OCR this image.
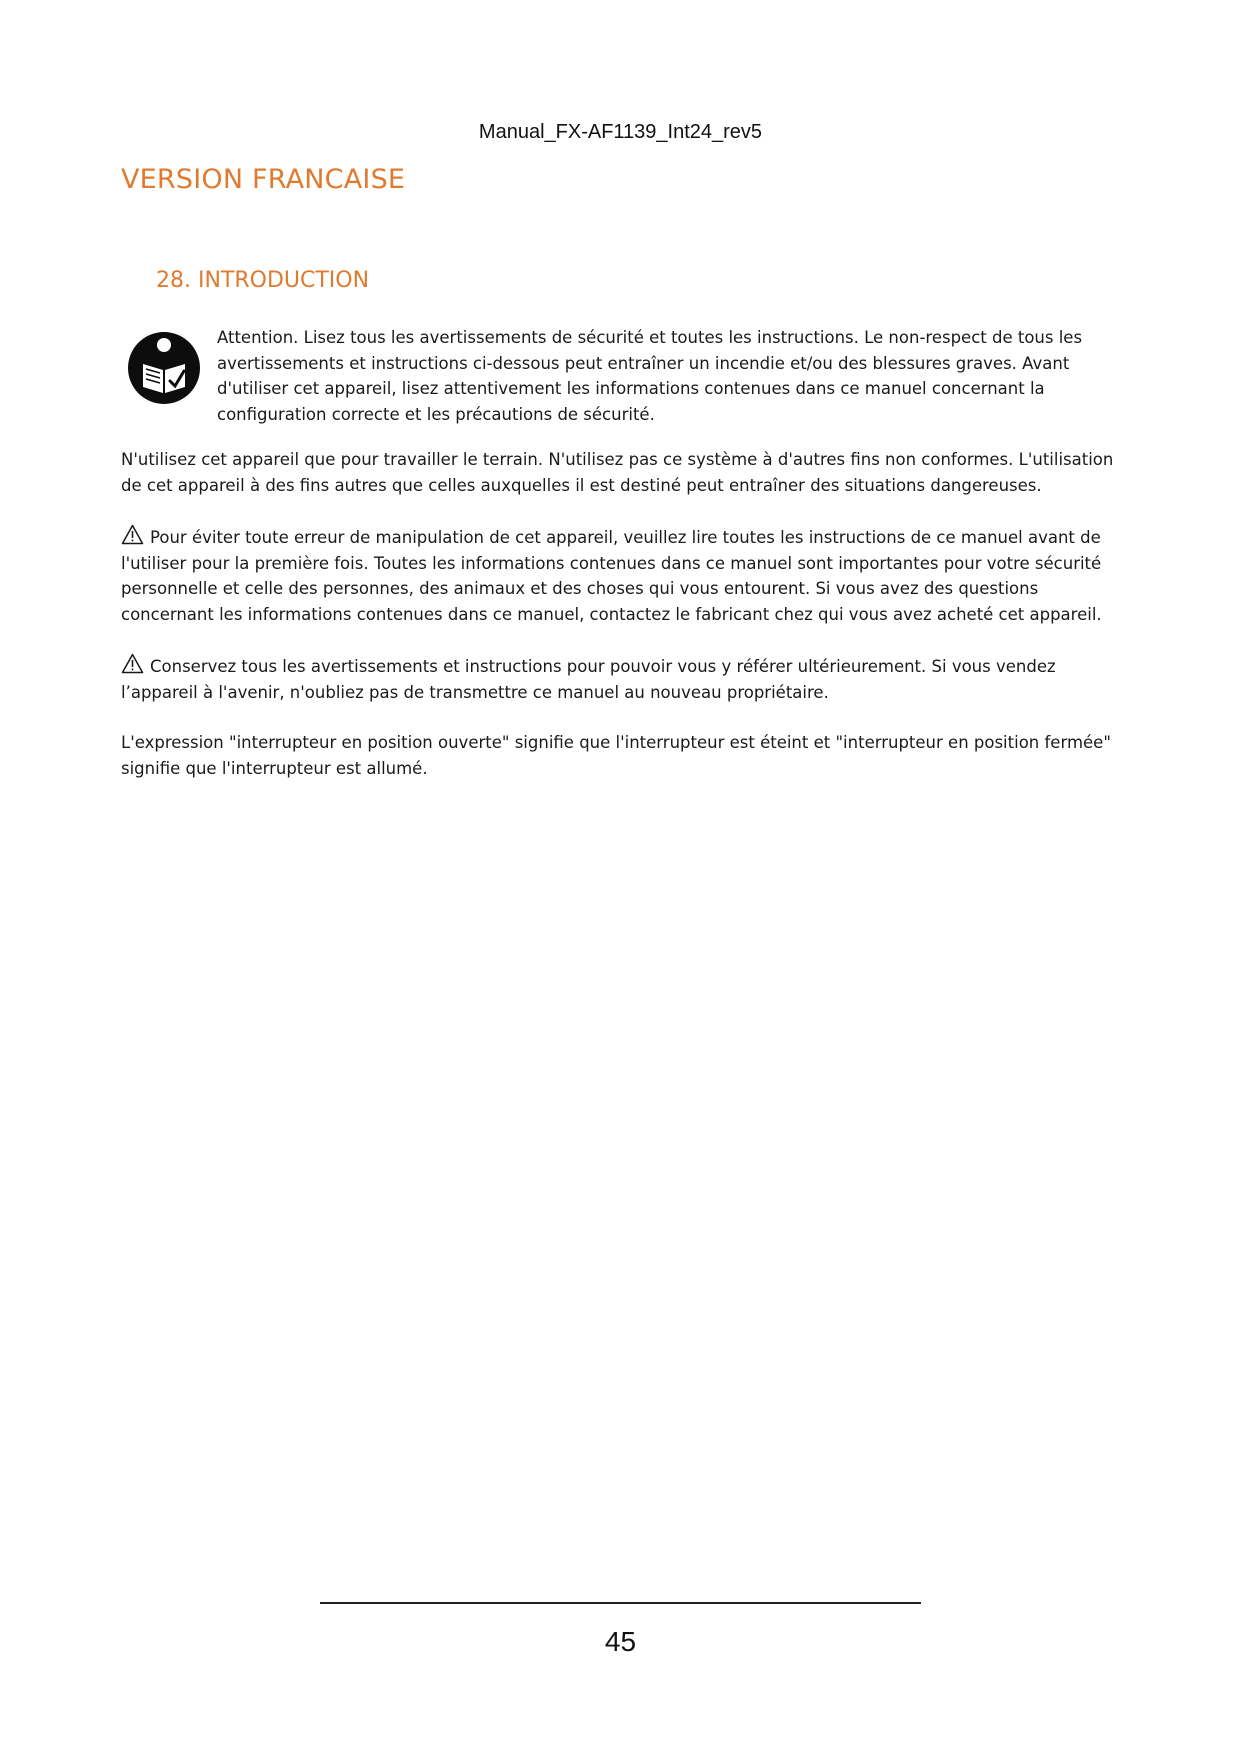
Manual_FX-AF1139_Int24_rev5
VERSION FRANCAISE
28. INTRODUCTION
Attention. Lisez tous les avertissements de sécurité et toutes les instructions. Le non-respect de tous les avertissements et instructions ci-dessous peut entraîner un incendie et/ou des blessures graves. Avant d'utiliser cet appareil, lisez attentivement les informations contenues dans ce manuel concernant la configuration correcte et les précautions de sécurité.
N'utilisez cet appareil que pour travailler le terrain. N'utilisez pas ce système à d'autres fins non conformes. L'utilisation de cet appareil à des fins autres que celles auxquelles il est destiné peut entraîner des situations dangereuses.
Pour éviter toute erreur de manipulation de cet appareil, veuillez lire toutes les instructions de ce manuel avant de l'utiliser pour la première fois. Toutes les informations contenues dans ce manuel sont importantes pour votre sécurité personnelle et celle des personnes, des animaux et des choses qui vous entourent. Si vous avez des questions concernant les informations contenues dans ce manuel, contactez le fabricant chez qui vous avez acheté cet appareil.
Conservez tous les avertissements et instructions pour pouvoir vous y référer ultérieurement. Si vous vendez l’appareil à l'avenir, n'oubliez pas de transmettre ce manuel au nouveau propriétaire.
L'expression "interrupteur en position ouverte" signifie que l'interrupteur est éteint et "interrupteur en position fermée" signifie que l'interrupteur est allumé.
45
